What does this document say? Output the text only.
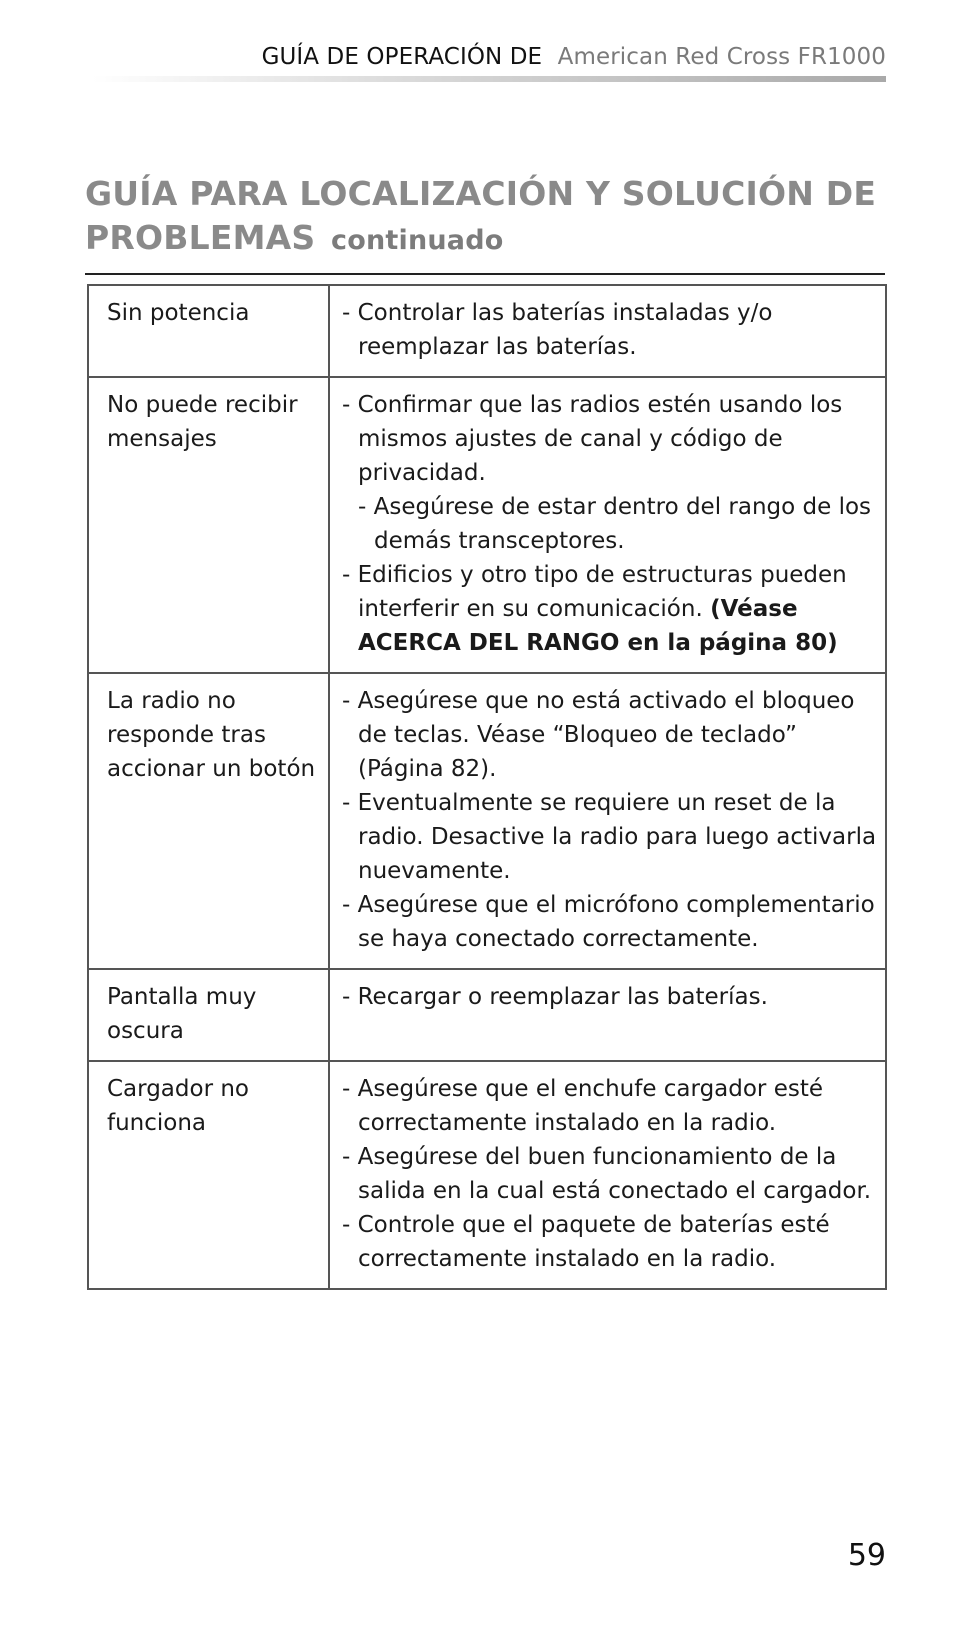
GUÍA DE OPERACIÓN DE American Red Cross FR1000
GUÍA PARA LOCALIZACIÓN Y SOLUCIÓN DE PROBLEMAS continuado
Sin potencia	- Controlar las baterías instaladas y/o reemplazar las baterías.

No puede recibir mensajes	- Confirmar que las radios estén usando los mismos ajustes de canal y código de privacidad.
- Asegúrese de estar dentro del rango de los demás transceptores.
- Edificios y otro tipo de estructuras pueden interferir en su comunicación. (Véase ACERCA DEL RANGO en la página 80)

La radio no responde tras accionar un botón	- Asegúrese que no está activado el bloqueo de teclas. Véase “Bloqueo de teclado” (Página 82).
- Eventualmente se requiere un reset de la radio. Desactive la radio para luego activarla nuevamente.
- Asegúrese que el micrófono complementario se haya conectado correctamente.

Pantalla muy oscura	- Recargar o reemplazar las baterías.

Cargador no funciona	- Asegúrese que el enchufe cargador esté correctamente instalado en la radio.
- Asegúrese del buen funcionamiento de la salida en la cual está conectado el cargador.
- Controle que el paquete de baterías esté correctamente instalado en la radio.
59
